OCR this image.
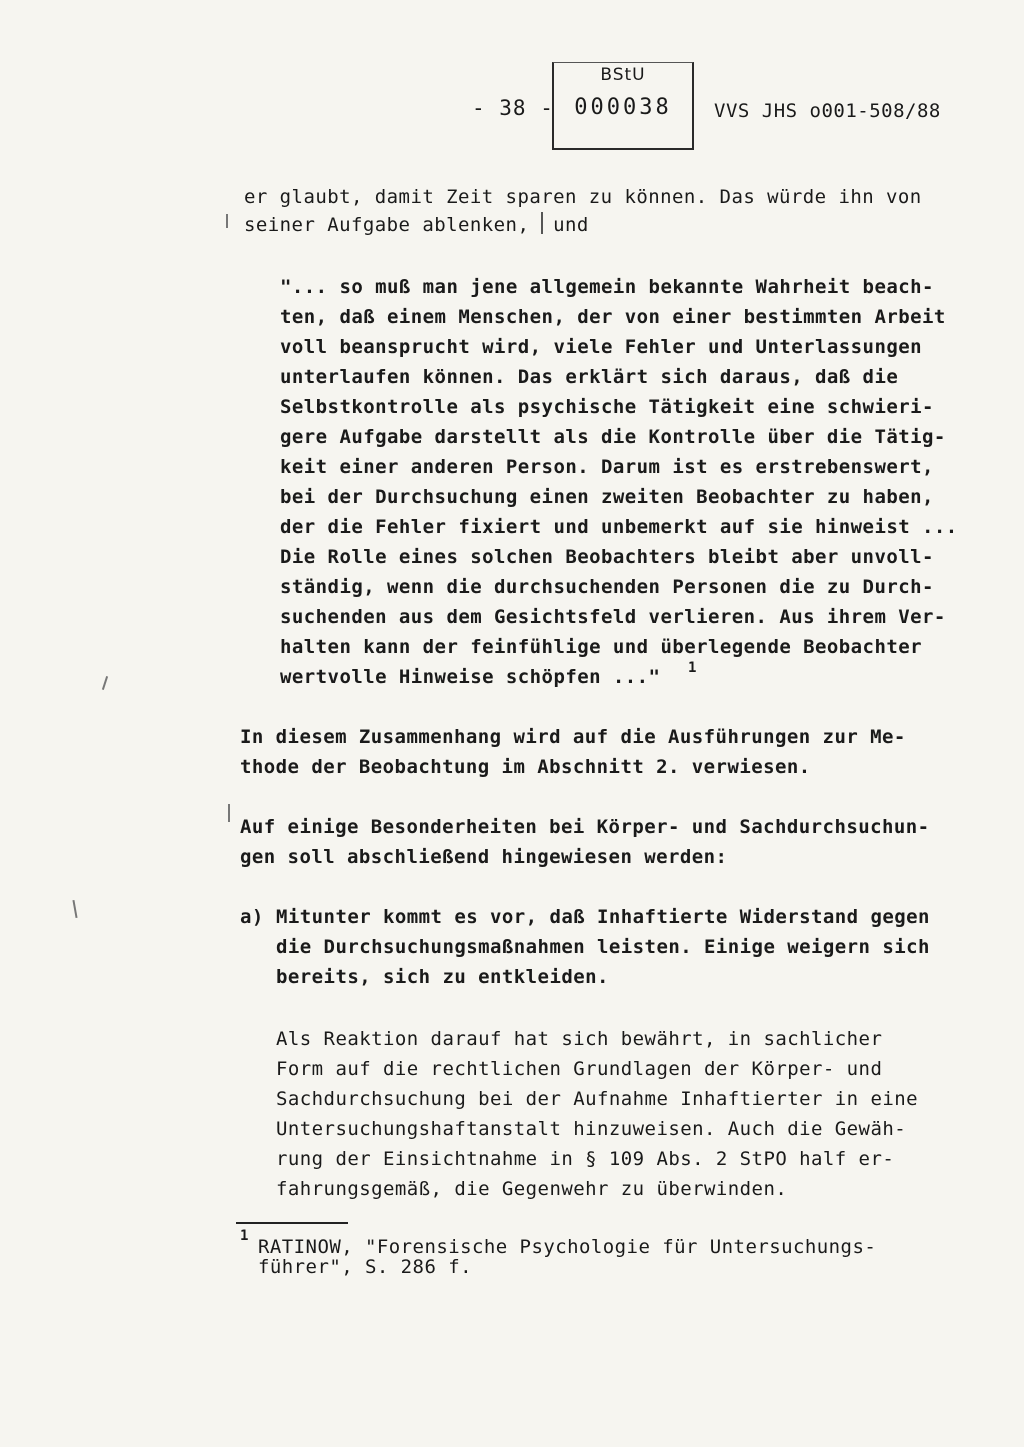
- 38 -
BStU
000038	VVS JHS o001-508/88
er glaubt, damit Zeit sparen zu können. Das würde ihn von
seiner Aufgabe ablenken,  und
"... so muß man jene allgemein bekannte Wahrheit beach-
ten, daß einem Menschen, der von einer bestimmten Arbeit
voll beansprucht wird, viele Fehler und Unterlassungen
unterlaufen können. Das erklärt sich daraus, daß die
Selbstkontrolle als psychische Tätigkeit eine schwieri-
gere Aufgabe darstellt als die Kontrolle über die Tätig-
keit einer anderen Person. Darum ist es erstrebenswert,
bei der Durchsuchung einen zweiten Beobachter zu haben,
der die Fehler fixiert und unbemerkt auf sie hinweist ...
Die Rolle eines solchen Beobachters bleibt aber unvoll-
ständig, wenn die durchsuchenden Personen die zu Durch-
suchenden aus dem Gesichtsfeld verlieren. Aus ihrem Ver-
halten kann der feinfühlige und überlegende Beobachter
wertvolle Hinweise schöpfen ..." 1
In diesem Zusammenhang wird auf die Ausführungen zur Me-
thode der Beobachtung im Abschnitt 2. verwiesen.
Auf einige Besonderheiten bei Körper- und Sachdurchsuchun-
gen soll abschließend hingewiesen werden:
a) Mitunter kommt es vor, daß Inhaftierte Widerstand gegen
die Durchsuchungsmaßnahmen leisten. Einige weigern sich
bereits, sich zu entkleiden.
Als Reaktion darauf hat sich bewährt, in sachlicher
Form auf die rechtlichen Grundlagen der Körper- und
Sachdurchsuchung bei der Aufnahme Inhaftierter in eine
Untersuchungshaftanstalt hinzuweisen. Auch die Gewäh-
rung der Einsichtnahme in § 109 Abs. 2 StPO half er-
fahrungsgemäß, die Gegenwehr zu überwinden.
1 RATINOW, "Forensische Psychologie für Untersuchungs-
führer", S. 286 f.
